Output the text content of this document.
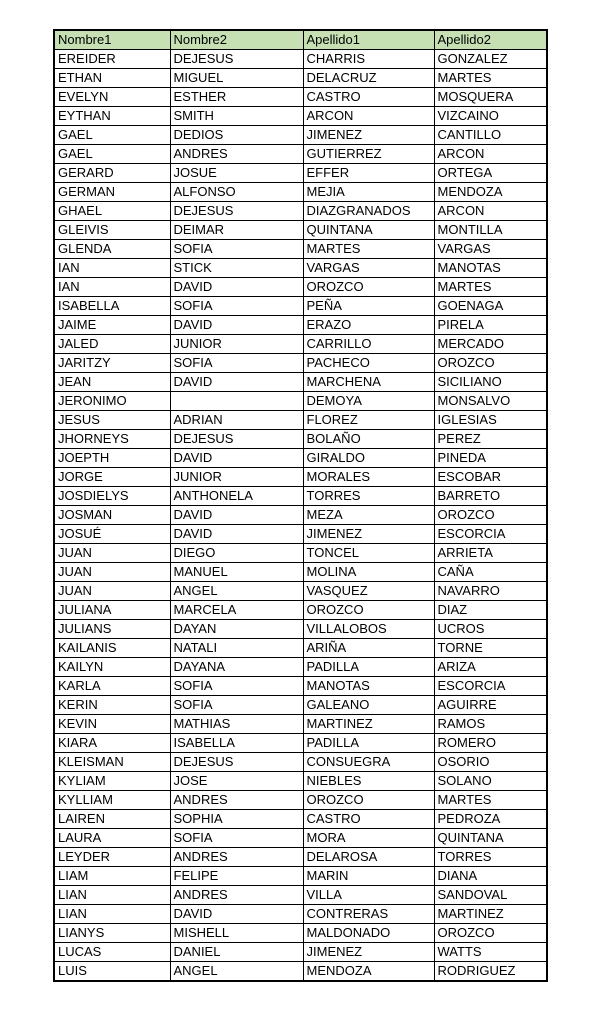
Nombre1	Nombre2	Apellido1	Apellido2
EREIDER	DEJESUS	CHARRIS	GONZALEZ
ETHAN	MIGUEL	DELACRUZ	MARTES
EVELYN	ESTHER	CASTRO	MOSQUERA
EYTHAN	SMITH	ARCON	VIZCAINO
GAEL	DEDIOS	JIMENEZ	CANTILLO
GAEL	ANDRES	GUTIERREZ	ARCON
GERARD	JOSUE	EFFER	ORTEGA
GERMAN	ALFONSO	MEJIA	MENDOZA
GHAEL	DEJESUS	DIAZGRANADOS	ARCON
GLEIVIS	DEIMAR	QUINTANA	MONTILLA
GLENDA	SOFIA	MARTES	VARGAS
IAN	STICK	VARGAS	MANOTAS
IAN	DAVID	OROZCO	MARTES
ISABELLA	SOFIA	PEÑA	GOENAGA
JAIME	DAVID	ERAZO	PIRELA
JALED	JUNIOR	CARRILLO	MERCADO
JARITZY	SOFIA	PACHECO	OROZCO
JEAN	DAVID	MARCHENA	SICILIANO
JERONIMO		DEMOYA	MONSALVO
JESUS	ADRIAN	FLOREZ	IGLESIAS
JHORNEYS	DEJESUS	BOLAÑO	PEREZ
JOEPTH	DAVID	GIRALDO	PINEDA
JORGE	JUNIOR	MORALES	ESCOBAR
JOSDIELYS	ANTHONELA	TORRES	BARRETO
JOSMAN	DAVID	MEZA	OROZCO
JOSUÉ	DAVID	JIMENEZ	ESCORCIA
JUAN	DIEGO	TONCEL	ARRIETA
JUAN	MANUEL	MOLINA	CAÑA
JUAN	ANGEL	VASQUEZ	NAVARRO
JULIANA	MARCELA	OROZCO	DIAZ
JULIANS	DAYAN	VILLALOBOS	UCROS
KAILANIS	NATALI	ARIÑA	TORNE
KAILYN	DAYANA	PADILLA	ARIZA
KARLA	SOFIA	MANOTAS	ESCORCIA
KERIN	SOFIA	GALEANO	AGUIRRE
KEVIN	MATHIAS	MARTINEZ	RAMOS
KIARA	ISABELLA	PADILLA	ROMERO
KLEISMAN	DEJESUS	CONSUEGRA	OSORIO
KYLIAM	JOSE	NIEBLES	SOLANO
KYLLIAM	ANDRES	OROZCO	MARTES
LAIREN	SOPHIA	CASTRO	PEDROZA
LAURA	SOFIA	MORA	QUINTANA
LEYDER	ANDRES	DELAROSA	TORRES
LIAM	FELIPE	MARIN	DIANA
LIAN	ANDRES	VILLA	SANDOVAL
LIAN	DAVID	CONTRERAS	MARTINEZ
LIANYS	MISHELL	MALDONADO	OROZCO
LUCAS	DANIEL	JIMENEZ	WATTS
LUIS	ANGEL	MENDOZA	RODRIGUEZ
